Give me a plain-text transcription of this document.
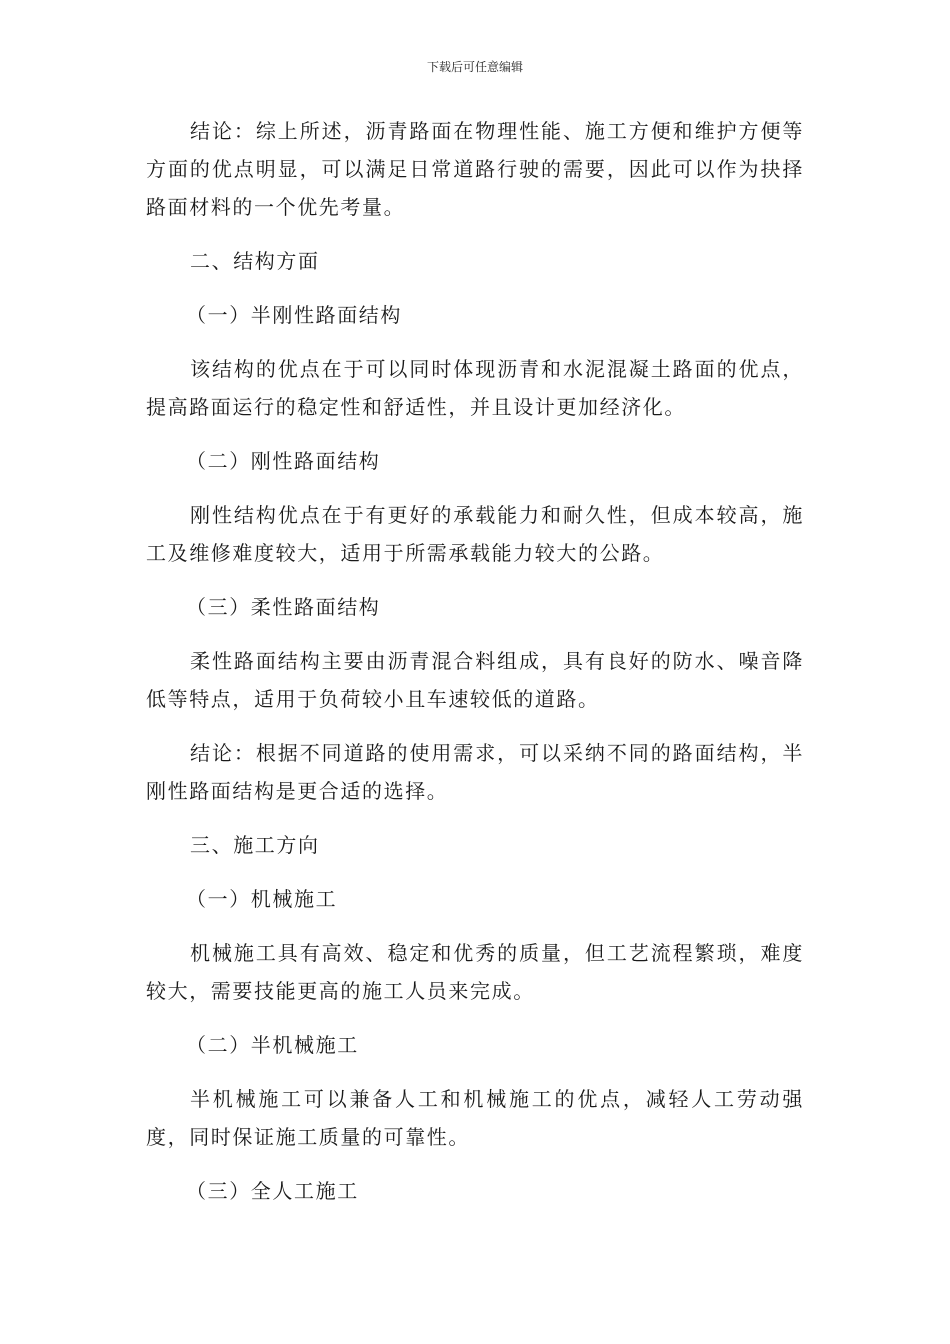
下载后可任意编辑

结论：综上所述，沥青路面在物理性能、施工方便和维护方便等方面的优点明显，可以满足日常道路行驶的需要，因此可以作为抉择路面材料的一个优先考量。

二、结构方面

（一）半刚性路面结构

该结构的优点在于可以同时体现沥青和水泥混凝土路面的优点，提高路面运行的稳定性和舒适性，并且设计更加经济化。

（二）刚性路面结构

刚性结构优点在于有更好的承载能力和耐久性，但成本较高，施工及维修难度较大，适用于所需承载能力较大的公路。

（三）柔性路面结构

柔性路面结构主要由沥青混合料组成，具有良好的防水、噪音降低等特点，适用于负荷较小且车速较低的道路。

结论：根据不同道路的使用需求，可以采纳不同的路面结构，半刚性路面结构是更合适的选择。

三、施工方向

（一）机械施工

机械施工具有高效、稳定和优秀的质量，但工艺流程繁琐，难度较大，需要技能更高的施工人员来完成。

（二）半机械施工

半机械施工可以兼备人工和机械施工的优点，减轻人工劳动强度，同时保证施工质量的可靠性。

（三）全人工施工
